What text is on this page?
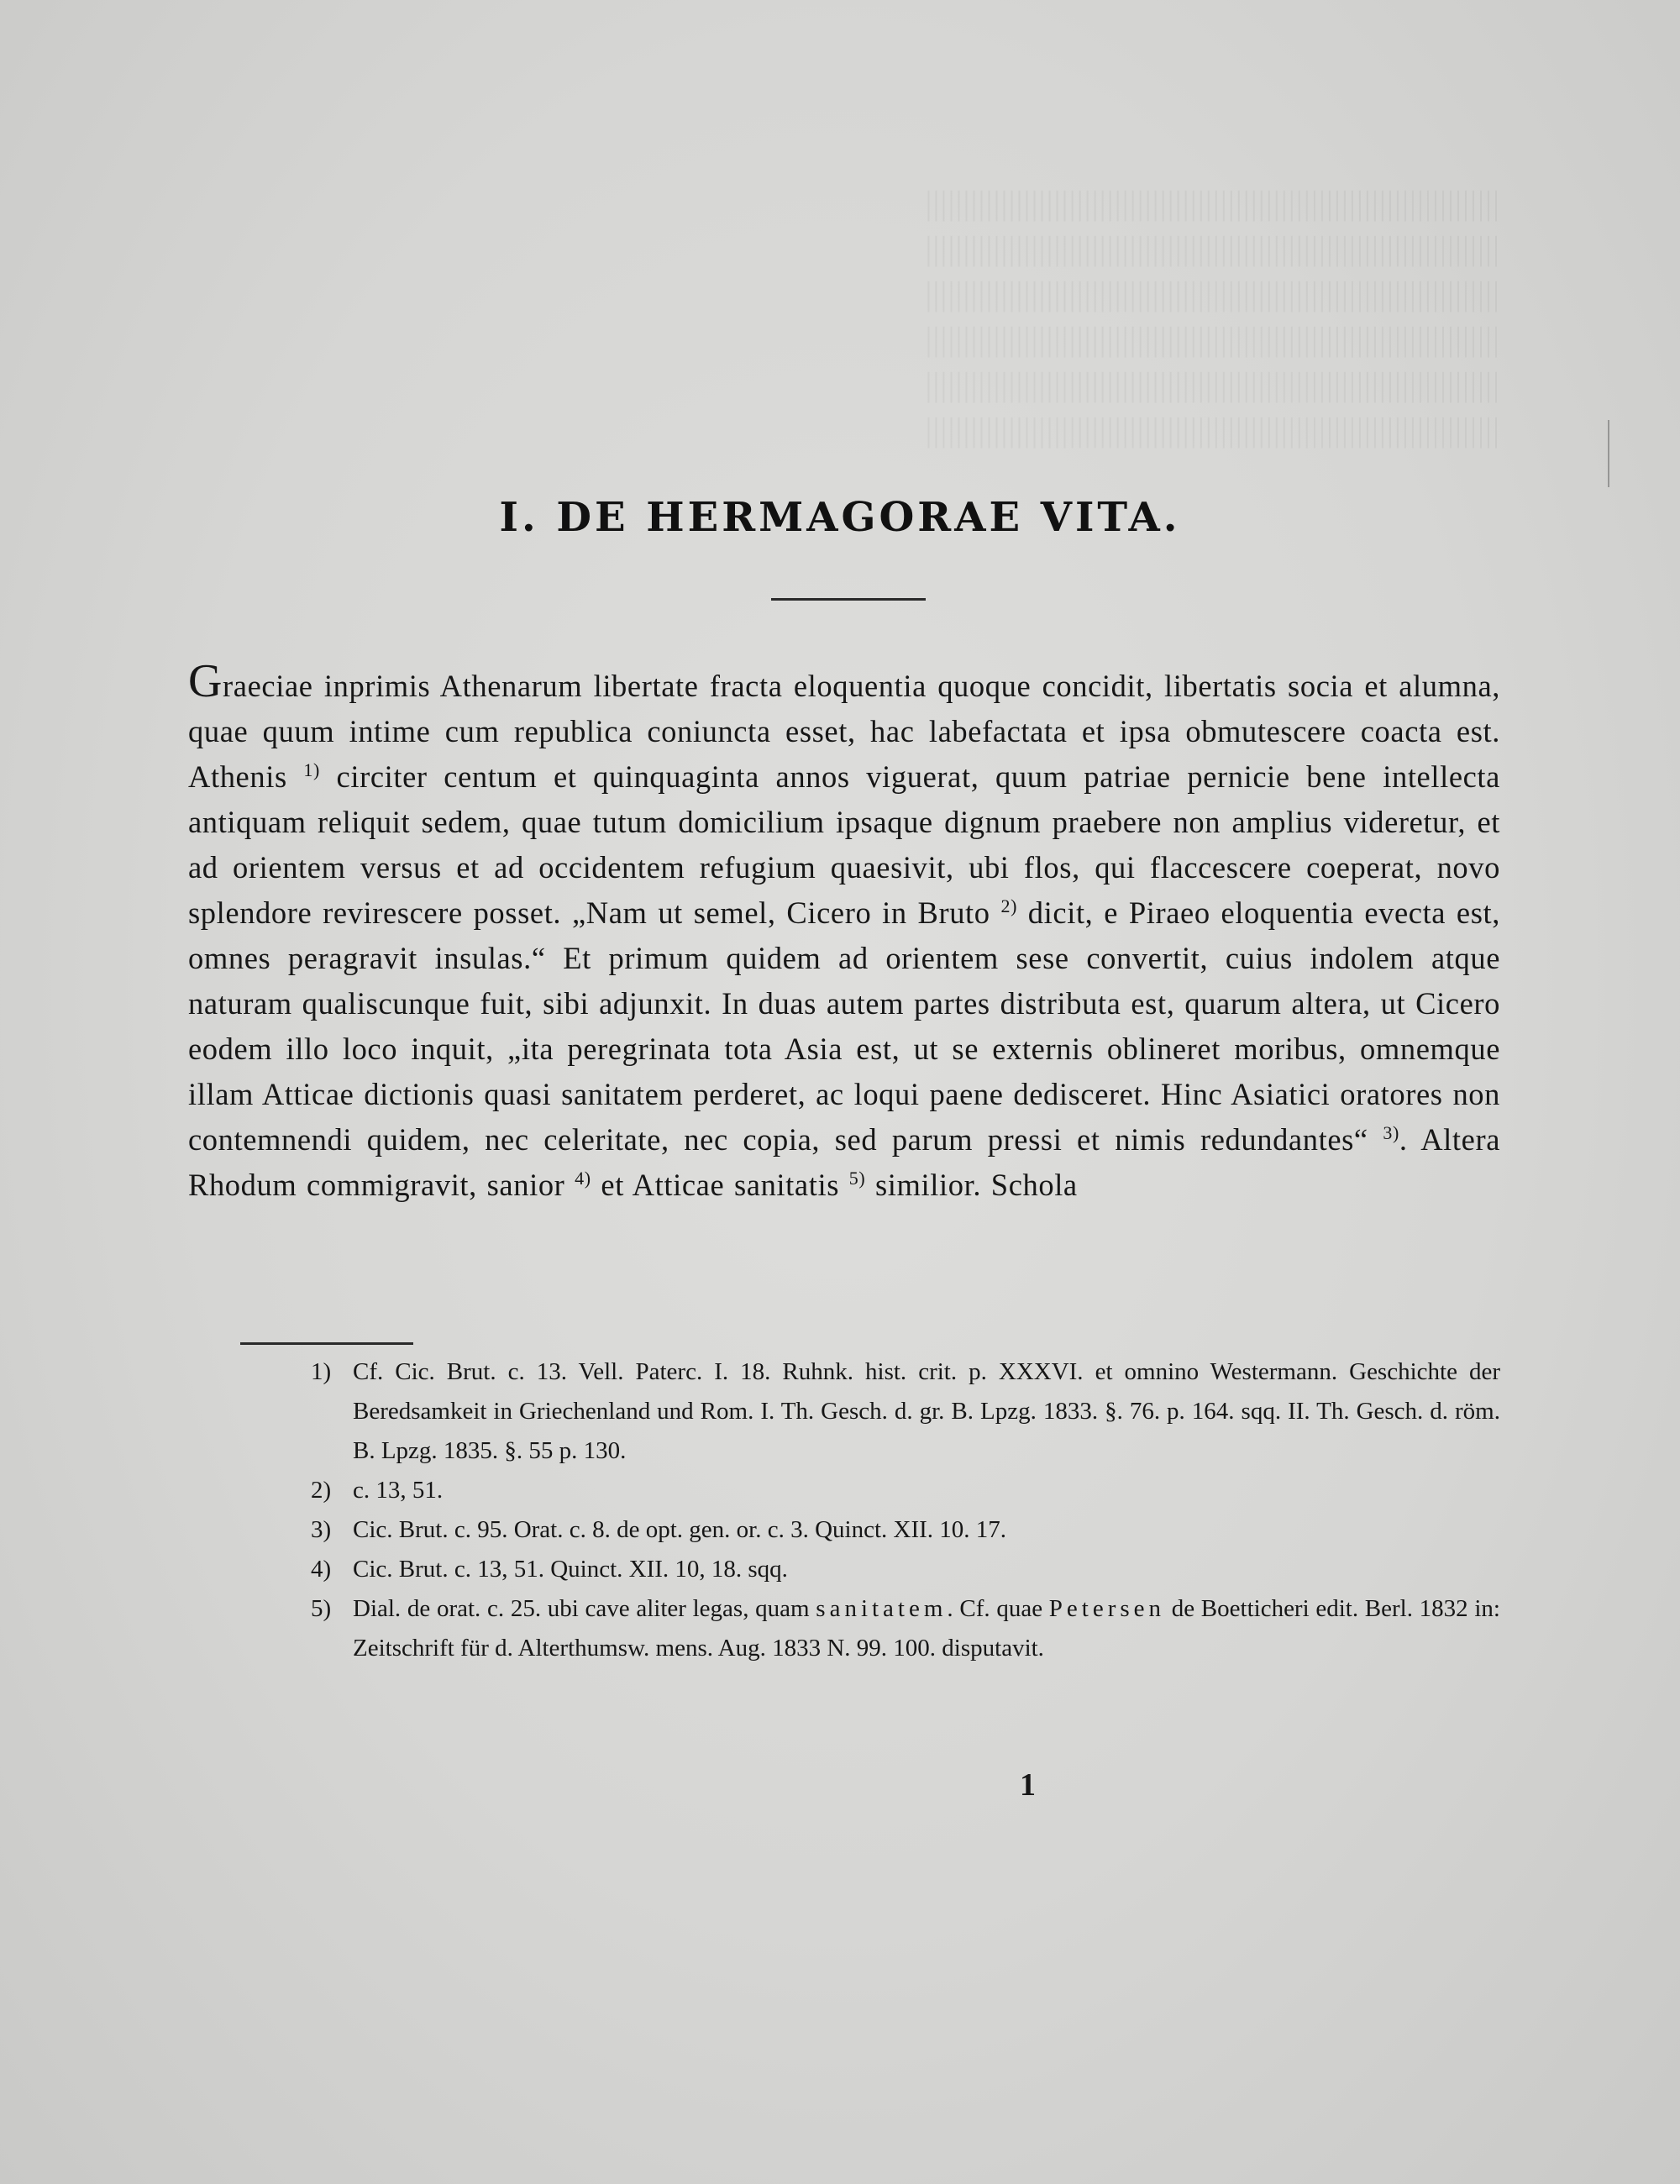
||||||||||||||||||||||||||||||||||||||||||||||||||||||||||||||||||||||||||||
||||||||||||||||||||||||||||||||||||||||||||||||||||||||||||||||||||||||||||
||||||||||||||||||||||||||||||||||||||||||||||||||||||||||||||||||||||||||||
||||||||||||||||||||||||||||||||||||||||||||||||||||||||||||||||||||||||||||
||||||||||||||||||||||||||||||||||||||||||||||||||||||||||||||||||||||||||||
||||||||||||||||||||||||||||||||||||||||||||||||||||||||||||||||||||||||||||
I. DE HERMAGORAE VITA.
Graeciae inprimis Athenarum libertate fracta eloquentia quoque concidit, libertatis socia et alumna, quae quum intime cum republica coniuncta esset, hac labefactata et ipsa obmutescere coacta est. Athenis $^{1)}$ circiter centum et quinquaginta annos viguerat, quum patriae pernicie bene intellecta antiquam reliquit sedem, quae tutum domicilium ipsaque dignum praebere non amplius videretur, et ad orientem versus et ad occidentem refugium quaesivit, ubi flos, qui flaccescere coeperat, novo splendore revirescere posset. „Nam ut semel, Cicero in Bruto $^{2)}$ dicit, e Piraeo eloquentia evecta est, omnes peragravit insulas.“ Et primum quidem ad orientem sese convertit, cuius indolem atque naturam qualiscunque fuit, sibi adjunxit. In duas autem partes distributa est, quarum altera, ut Cicero eodem illo loco inquit, „ita peregrinata tota Asia est, ut se externis oblineret moribus, omnemque illam Atticae dictionis quasi sanitatem perderet, ac loqui paene dedisceret. Hinc Asiatici oratores non contemnendi quidem, nec celeritate, nec copia, sed parum pressi et nimis redundantes“ $^{3)}$. Altera Rhodum commigravit, sanior $^{4)}$ et Atticae sanitatis $^{5)}$ similior. Schola
1) Cf. Cic. Brut. c. 13. Vell. Paterc. I. 18. Ruhnk. hist. crit. p. XXXVI. et omnino Westermann. Geschichte der Beredsamkeit in Griechenland und Rom. I. Th. Gesch. d. gr. B. Lpzg. 1833. §. 76. p. 164. sqq. II. Th. Gesch. d. röm. B. Lpzg. 1835. §. 55 p. 130.
2) c. 13, 51.
3) Cic. Brut. c. 95. Orat. c. 8. de opt. gen. or. c. 3. Quinct. XII. 10. 17.
4) Cic. Brut. c. 13, 51. Quinct. XII. 10, 18. sqq.
5) Dial. de orat. c. 25. ubi cave aliter legas, quam sanitatem. Cf. quae Petersen de Boetticheri edit. Berl. 1832 in: Zeitschrift für d. Alterthumsw. mens. Aug. 1833 N. 99. 100. disputavit.
1
